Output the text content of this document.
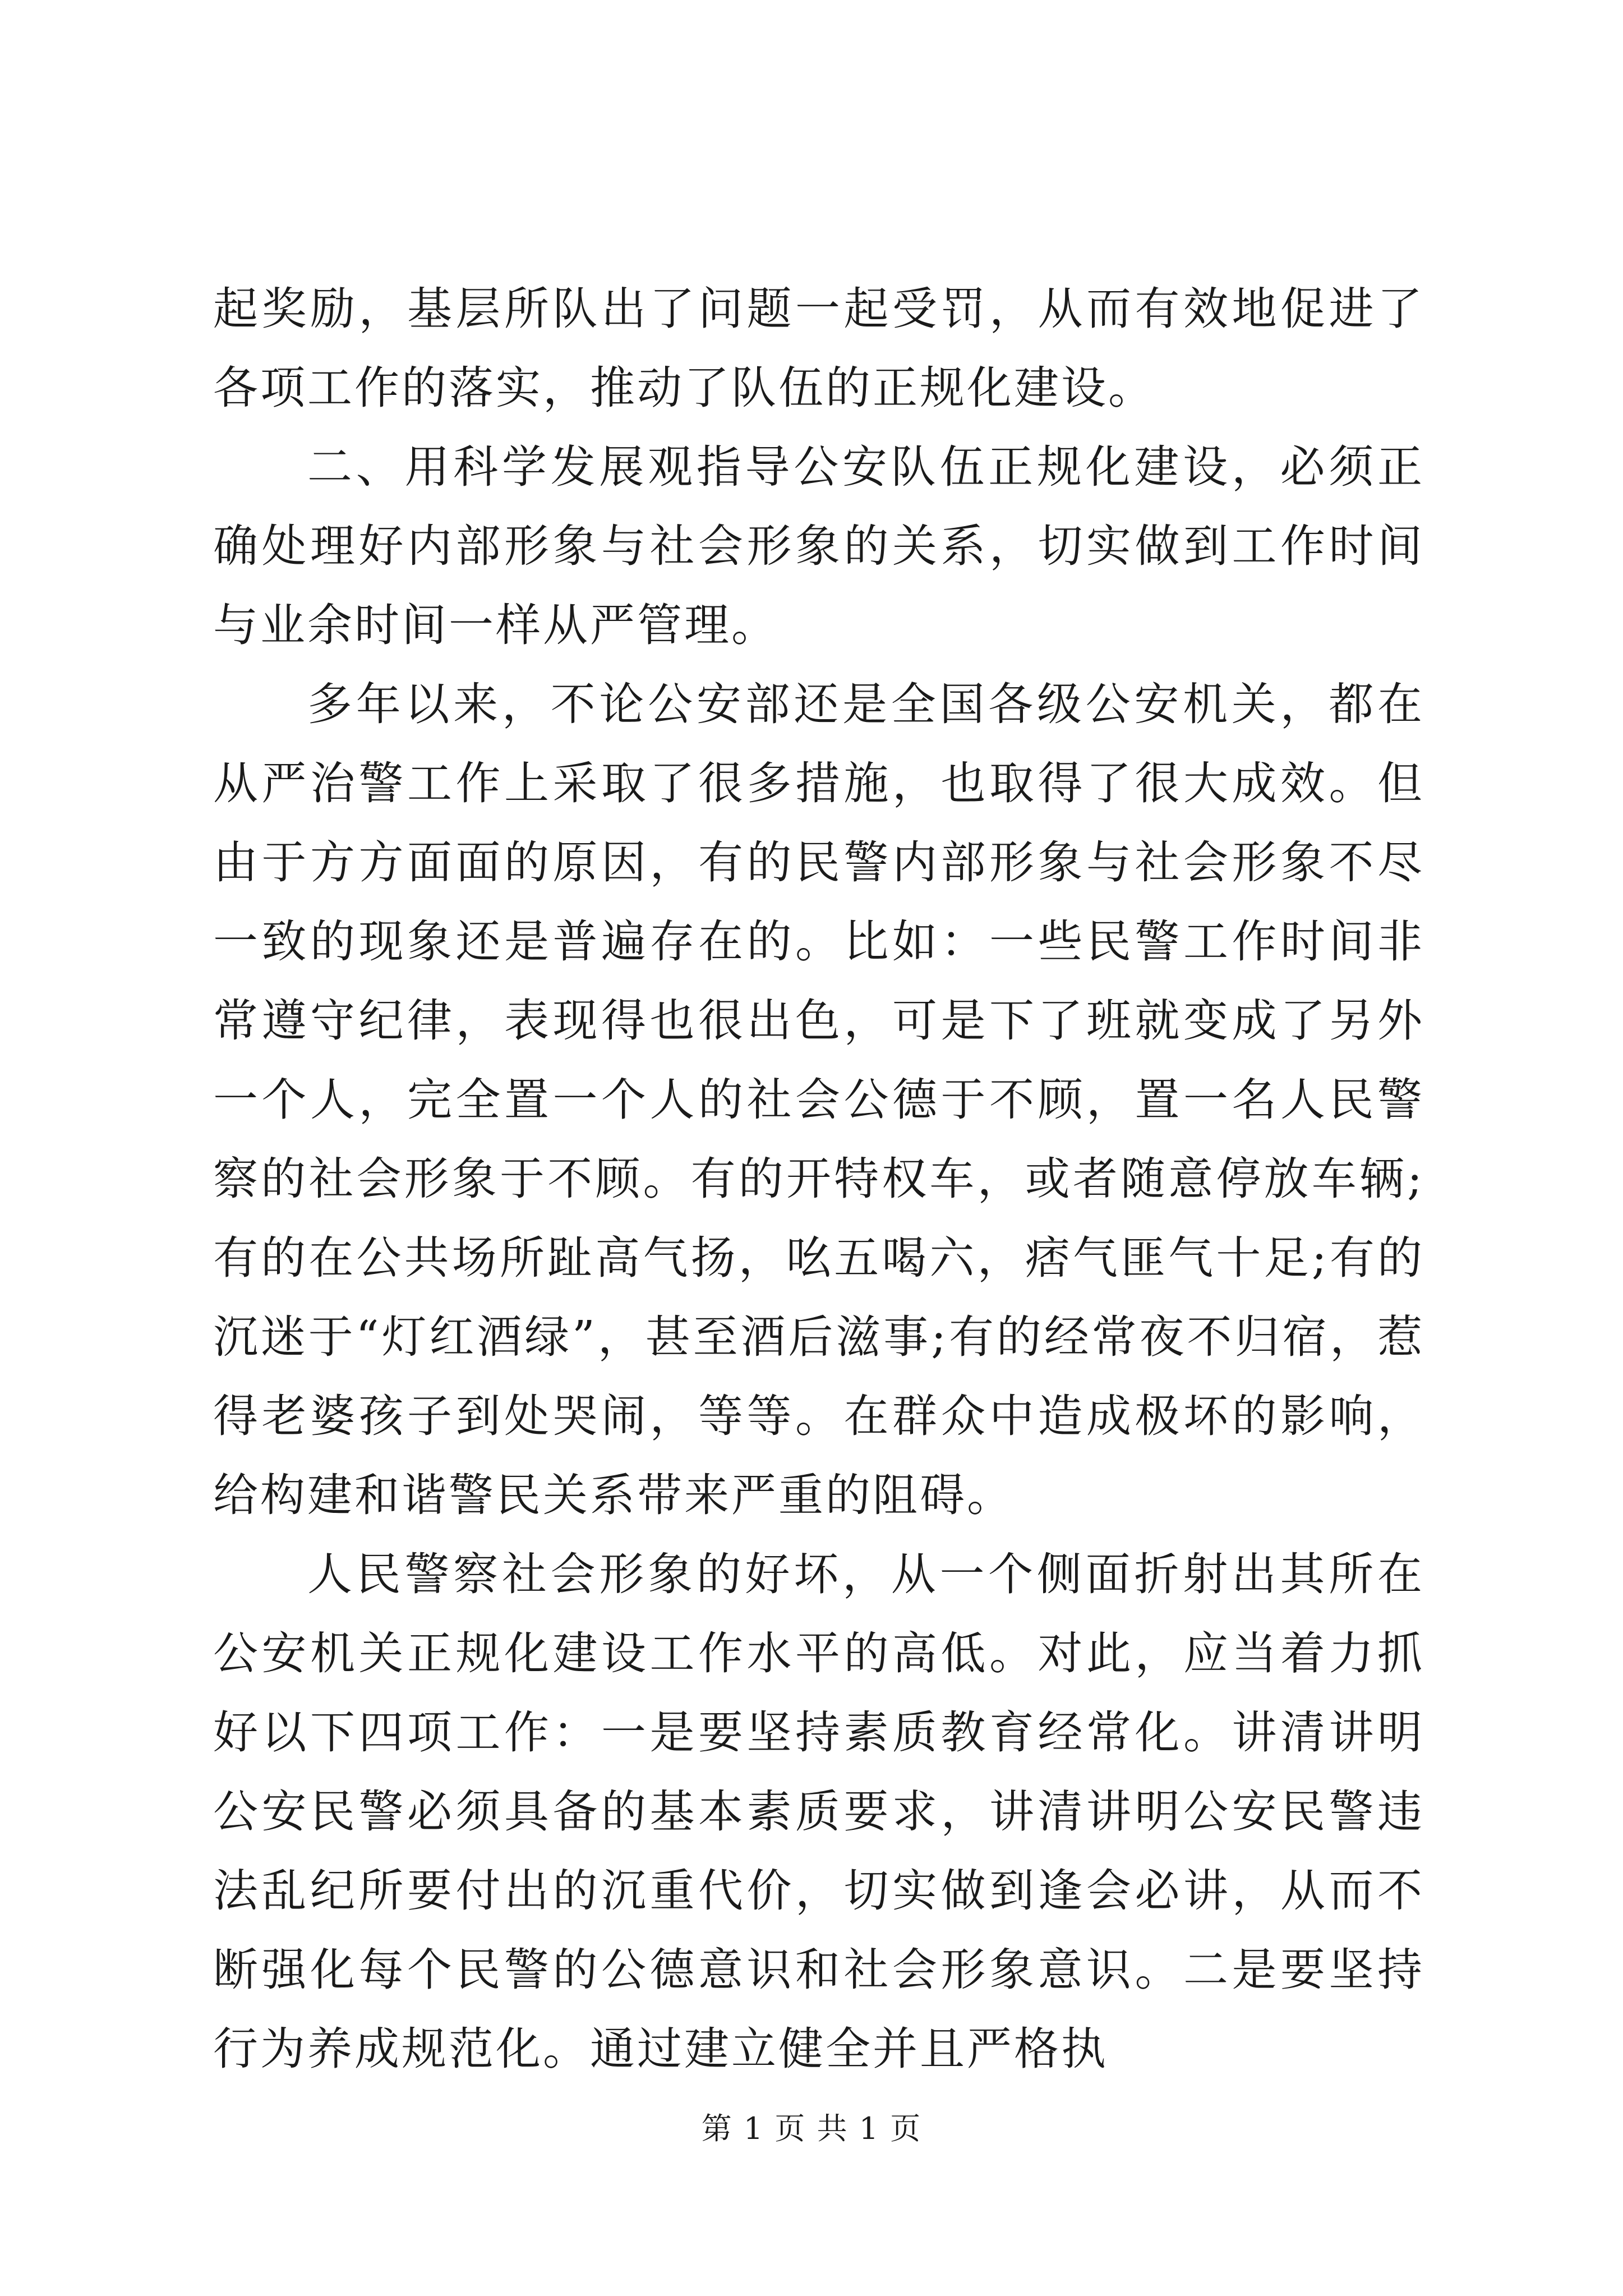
起奖励，基层所队出了问题一起受罚，从而有效地促进了各项工作的落实，推动了队伍的正规化建设。

二、用科学发展观指导公安队伍正规化建设，必须正确处理好内部形象与社会形象的关系，切实做到工作时间与业余时间一样从严管理。

多年以来，不论公安部还是全国各级公安机关，都在从严治警工作上采取了很多措施，也取得了很大成效。但由于方方面面的原因，有的民警内部形象与社会形象不尽一致的现象还是普遍存在的。比如：一些民警工作时间非常遵守纪律，表现得也很出色，可是下了班就变成了另外一个人，完全置一个人的社会公德于不顾，置一名人民警察的社会形象于不顾。有的开特权车，或者随意停放车辆;有的在公共场所趾高气扬，吆五喝六，痞气匪气十足;有的沉迷于“灯红酒绿”，甚至酒后滋事;有的经常夜不归宿，惹得老婆孩子到处哭闹，等等。在群众中造成极坏的影响，给构建和谐警民关系带来严重的阻碍。

人民警察社会形象的好坏，从一个侧面折射出其所在公安机关正规化建设工作水平的高低。对此，应当着力抓好以下四项工作：一是要坚持素质教育经常化。讲清讲明公安民警必须具备的基本素质要求，讲清讲明公安民警违法乱纪所要付出的沉重代价，切实做到逢会必讲，从而不断强化每个民警的公德意识和社会形象意识。二是要坚持行为养成规范化。通过建立健全并且严格执

第 1 页 共 1 页
